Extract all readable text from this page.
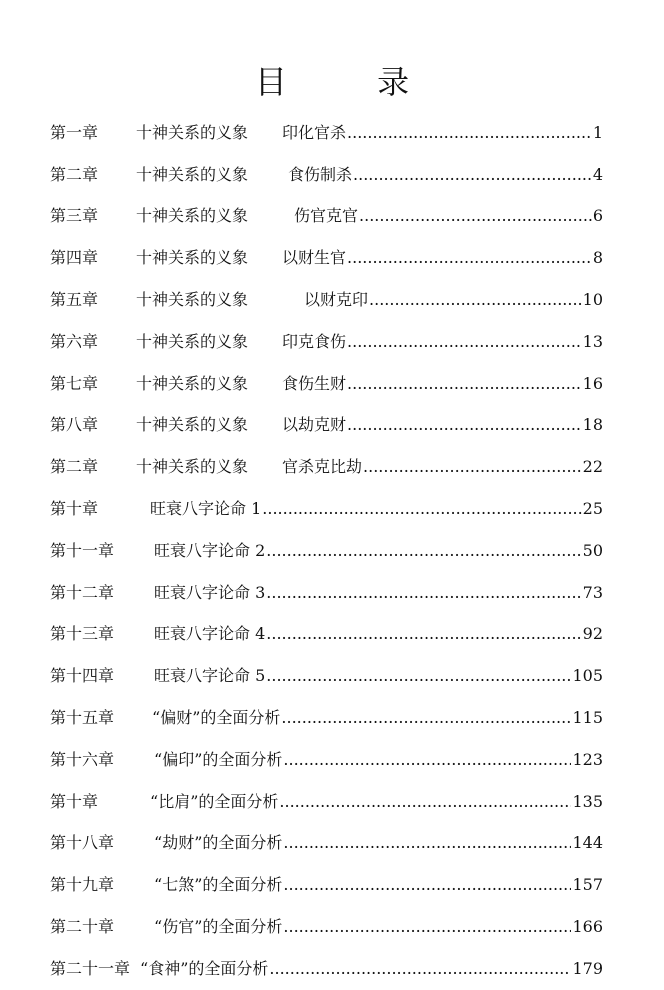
目 录
第一章 十神关系的义象 印化官杀 .....	1
第二章 十神关系的义象	食伤制杀 .....	4
第三章 十神关系的义象	伤官克官 .....	6
第四章 十神关系的义象 以财生官 .....	8
第五章 十神关系的义象	以财克印 .....	10
第六章 十神关系的义象 印克食伤 .....	13
第七章 十神关系的义象 食伤生财 .....	16
第八章 十神关系的义象 以劫克财 .....	18
第二章 十神关系的义象 官杀克比劫 .....	22
第十章	旺衰八字论命 1 .....	25
第十一章	旺衰八字论命 2 .....	50
第十二章	旺衰八字论命 3 .....	73
第十三章	旺衰八字论命 4 .....	92
第十四章	旺衰八字论命 5 .....	105
第十五章 “偏财”的全面分析 .....	115
第十六章	“偏印”的全面分析 .....	123
第十章	“比肩”的全面分析 .....	135
第十八章	“劫财”的全面分析 .....	144
第十九章	“七煞”的全面分析 .....	157
第二十章	“伤官”的全面分析 .....	166
第二十一章 “食神”的全面分析 .....	179
